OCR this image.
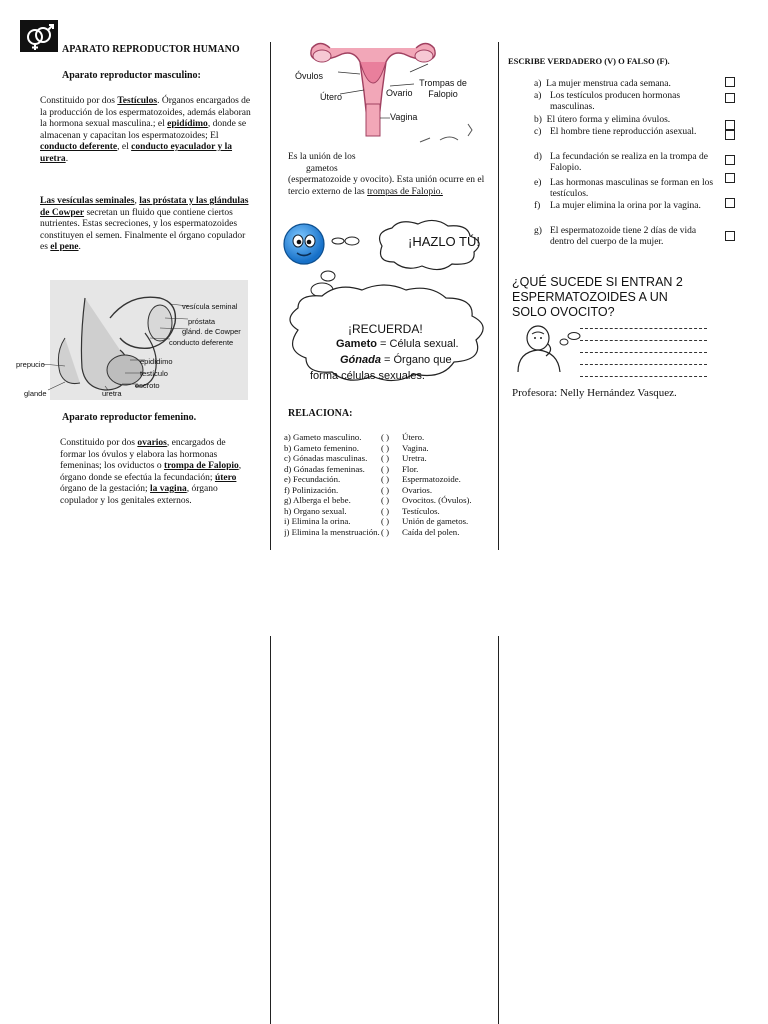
APARATO REPRODUCTOR HUMANO
Aparato reproductor masculino:
Constituido por dos Testículos. Órganos encargados de la producción de los espermatozoides, además elaboran la hormona sexual masculina.; el epidídimo, donde se almacenan y capacitan los espermatozoides; El conducto deferente, el conducto eyaculador y la uretra.
Las vesículas seminales, las próstata y las glándulas de Cowper secretan un fluido que contiene ciertos nutrientes. Estas secreciones, y los espermatozoides constituyen el semen. Finalmente el órgano copulador es el pene.
vesícula seminal
próstata
glánd. de Cowper
conducto deferente
prepucio	epidídimo
testículo
escroto
glande	uretra
Aparato reproductor femenino.
Constituido por dos ovarios, encargados de formar los óvulos y elabora las hormonas femeninas; los oviductos o trompa de Falopio, órgano donde se efectúa la fecundación; útero órgano de la gestación; la vagina, órgano copulador y los genitales externos.
Óvulos
Útero	Ovario
Trompas de Falopio
Vagina

Es la unión de los

gametos

(espermatozoide y ovocito). Esta unión ocurre en el tercio externo de las trompas de Falopio.

¡HAZLO TÚ!
¡RECUERDA!
Gameto = Célula sexual.
Gónada = Órgano que
forma células sexuales.
RELACIONA:
a) Gameto masculino.	( )	Útero.
b) Gameto femenino.	( )	Vagina.
c) Gónadas masculinas.	( )	Uretra.
d) Gónadas femeninas.	( )	Flor.
e) Fecundación.	( )	Espermatozoide.
f) Polinización.	( )	Ovarios.
g) Alberga el bebe.	( )	Ovocitos. (Óvulos).
h) Organo sexual.	( )	Testículos.
i) Elimina la orina.	( )	Unión de gametos.
j) Elimina la menstruación. ( )	Caída del polen.
ESCRIBE VERDADERO (V) O FALSO (F).
a) La mujer menstrua cada semana.
a) Los testículos producen hormonas masculinas.
b) El útero forma y elimina óvulos.
c) El hombre tiene reproducción asexual.
d) La fecundación se realiza en la trompa de Falopio.
e) Las hormonas masculinas se forman en los testículos.
f)	La mujer elimina la orina por la vagina.
g) El espermatozoide tiene 2 días de vida dentro del cuerpo de la mujer.
¿QUÉ SUCEDE SI ENTRAN 2 ESPERMATOZOIDES A UN SOLO OVOCITO?
Profesora: Nelly Hernández Vasquez.
